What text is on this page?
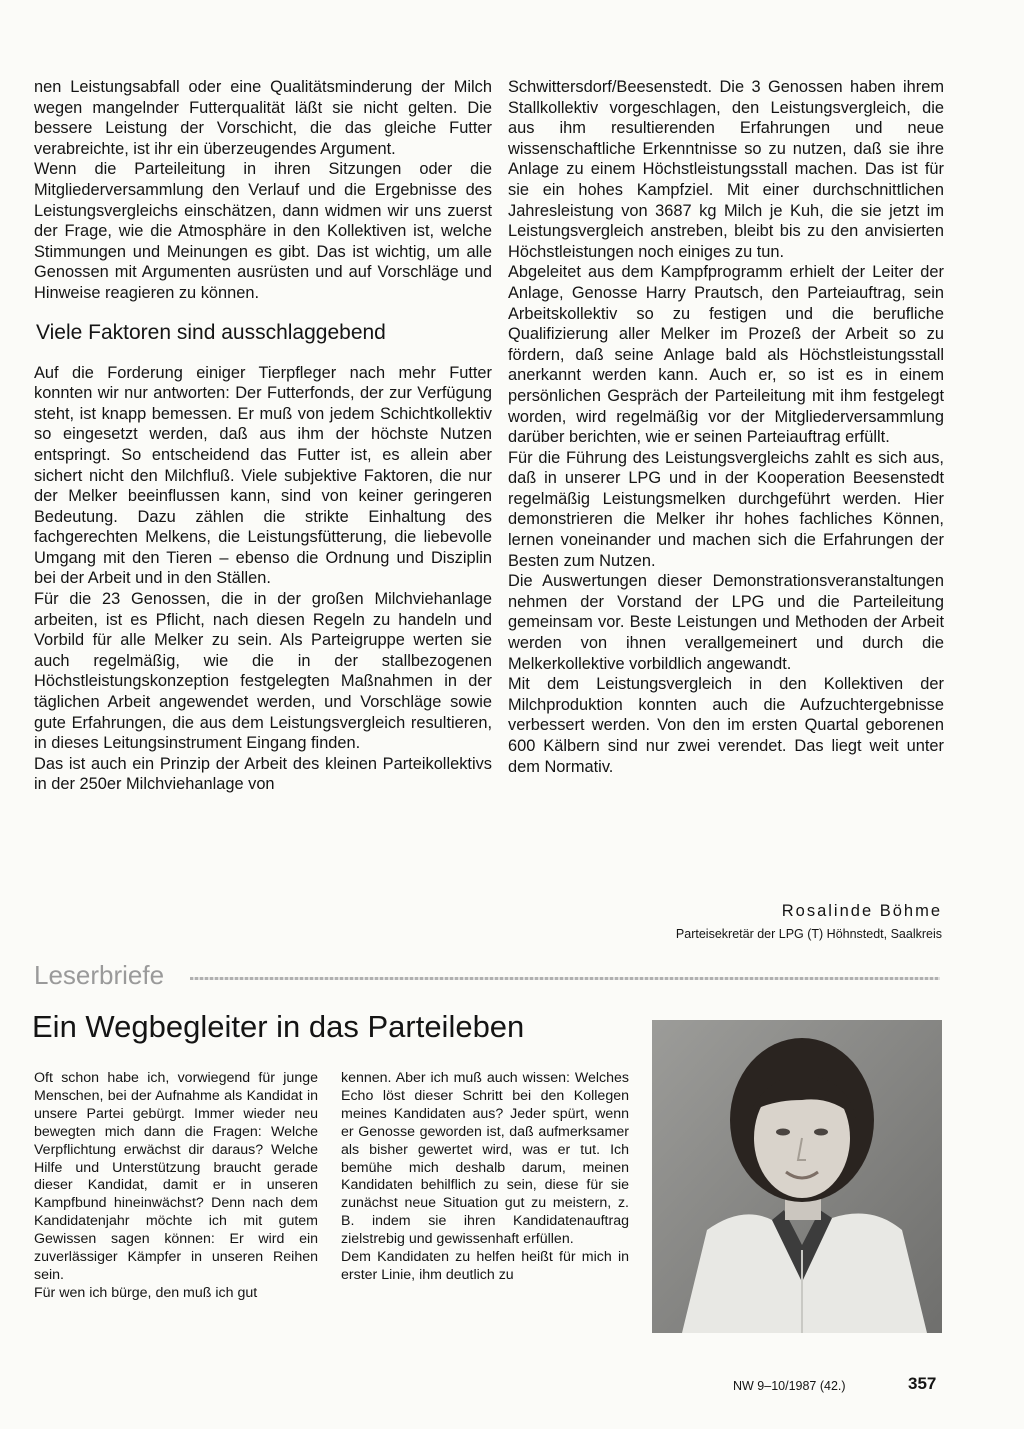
nen Leistungsabfall oder eine Qualitätsminderung der Milch wegen mangelnder Futterqualität läßt sie nicht gelten. Die bessere Leistung der Vorschicht, die das gleiche Futter verabreichte, ist ihr ein überzeugendes Argument.

Wenn die Parteileitung in ihren Sitzungen oder die Mitgliederversammlung den Verlauf und die Ergebnisse des Leistungsvergleichs einschätzen, dann widmen wir uns zuerst der Frage, wie die Atmosphäre in den Kollektiven ist, welche Stimmungen und Meinungen es gibt. Das ist wichtig, um alle Genossen mit Argumenten ausrüsten und auf Vorschläge und Hinweise reagieren zu können.

Viele Faktoren sind ausschlaggebend

Auf die Forderung einiger Tierpfleger nach mehr Futter konnten wir nur antworten: Der Futterfonds, der zur Verfügung steht, ist knapp bemessen. Er muß von jedem Schichtkollektiv so eingesetzt werden, daß aus ihm der höchste Nutzen entspringt. So entscheidend das Futter ist, es allein aber sichert nicht den Milchfluß. Viele subjektive Faktoren, die nur der Melker beeinflussen kann, sind von keiner geringeren Bedeutung. Dazu zählen die strikte Einhaltung des fachgerechten Melkens, die Leistungsfütterung, die liebevolle Umgang mit den Tieren – ebenso die Ordnung und Disziplin bei der Arbeit und in den Ställen.

Für die 23 Genossen, die in der großen Milchviehanlage arbeiten, ist es Pflicht, nach diesen Regeln zu handeln und Vorbild für alle Melker zu sein. Als Parteigruppe werten sie auch regelmäßig, wie die in der stallbezogenen Höchstleistungskonzeption festgelegten Maßnahmen in der täglichen Arbeit angewendet werden, und Vorschläge sowie gute Erfahrungen, die aus dem Leistungsvergleich resultieren, in dieses Leitungsinstrument Eingang finden.

Das ist auch ein Prinzip der Arbeit des kleinen Parteikollektivs in der 250er Milchviehanlage von

Schwittersdorf/Beesenstedt. Die 3 Genossen haben ihrem Stallkollektiv vorgeschlagen, den Leistungsvergleich, die aus ihm resultierenden Erfahrungen und neue wissenschaftliche Erkenntnisse so zu nutzen, daß sie ihre Anlage zu einem Höchstleistungsstall machen. Das ist für sie ein hohes Kampfziel. Mit einer durchschnittlichen Jahresleistung von 3687 kg Milch je Kuh, die sie jetzt im Leistungsvergleich anstreben, bleibt bis zu den anvisierten Höchstleistungen noch einiges zu tun.

Abgeleitet aus dem Kampfprogramm erhielt der Leiter der Anlage, Genosse Harry Prautsch, den Parteiauftrag, sein Arbeitskollektiv so zu festigen und die berufliche Qualifizierung aller Melker im Prozeß der Arbeit so zu fördern, daß seine Anlage bald als Höchstleistungsstall anerkannt werden kann. Auch er, so ist es in einem persönlichen Gespräch der Parteileitung mit ihm festgelegt worden, wird regelmäßig vor der Mitgliederversammlung darüber berichten, wie er seinen Parteiauftrag erfüllt.

Für die Führung des Leistungsvergleichs zahlt es sich aus, daß in unserer LPG und in der Kooperation Beesenstedt regelmäßig Leistungsmelken durchgeführt werden. Hier demonstrieren die Melker ihr hohes fachliches Können, lernen voneinander und machen sich die Erfahrungen der Besten zum Nutzen.

Die Auswertungen dieser Demonstrationsveranstaltungen nehmen der Vorstand der LPG und die Parteileitung gemeinsam vor. Beste Leistungen und Methoden der Arbeit werden von ihnen verallgemeinert und durch die Melkerkollektive vorbildlich angewandt.

Mit dem Leistungsvergleich in den Kollektiven der Milchproduktion konnten auch die Aufzuchtergebnisse verbessert werden. Von den im ersten Quartal geborenen 600 Kälbern sind nur zwei verendet. Das liegt weit unter dem Normativ.

Rosalinde Böhme
Parteisekretär der LPG (T) Höhnstedt, Saalkreis
Leserbriefe
Ein Wegbegleiter in das Parteileben

Oft schon habe ich, vorwiegend für junge Menschen, bei der Aufnahme als Kandidat in unsere Partei gebürgt. Immer wieder neu bewegten mich dann die Fragen: Welche Verpflichtung erwächst dir daraus? Welche Hilfe und Unterstützung braucht gerade dieser Kandidat, damit er in unseren Kampfbund hineinwächst? Denn nach dem Kandidatenjahr möchte ich mit gutem Gewissen sagen können: Er wird ein zuverlässiger Kämpfer in unseren Reihen sein.

Für wen ich bürge, den muß ich gut

kennen. Aber ich muß auch wissen: Welches Echo löst dieser Schritt bei den Kollegen meines Kandidaten aus? Jeder spürt, wenn er Genosse geworden ist, daß aufmerksamer als bisher gewertet wird, was er tut. Ich bemühe mich deshalb darum, meinen Kandidaten behilflich zu sein, diese für sie zunächst neue Situation gut zu meistern, z. B. indem sie ihren Kandidatenauftrag zielstrebig und gewissenhaft erfüllen.

Dem Kandidaten zu helfen heißt für mich in erster Linie, ihm deutlich zu

NW 9–10/1987 (42.)	357
